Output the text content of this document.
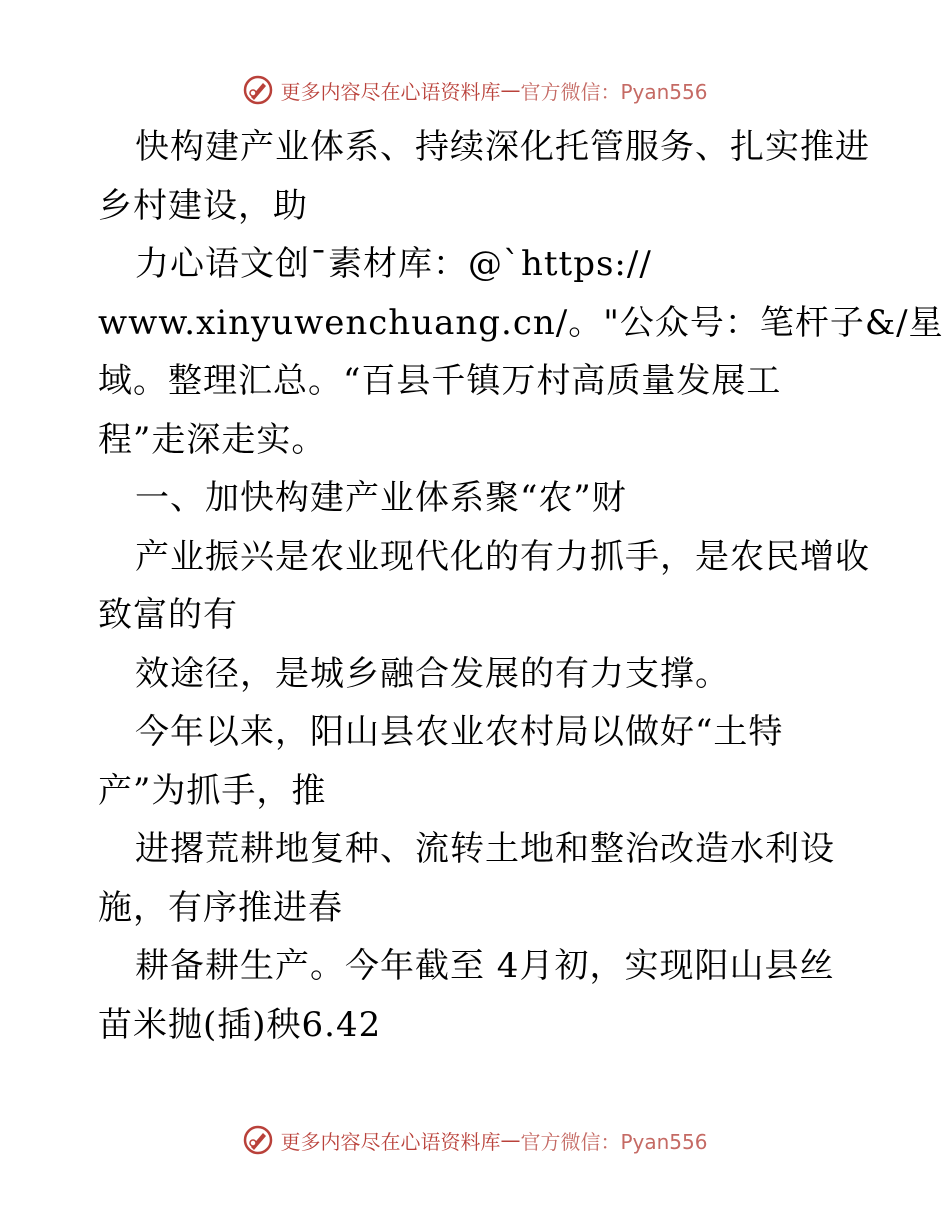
更多内容尽在心语资料库 — 官方微信：Pyan556
快构建产业体系、持续深化托管服务、扎实推进
乡村建设，助
力心语文创¯素材库：@`https://
www.xinyuwenchuang.cn/。"公众号：笔杆子&/星
域。整理汇总。“百县千镇万村高质量发展工
程”走深走实。
一、加快构建产业体系聚“农”财
产业振兴是农业现代化的有力抓手，是农民增收
致富的有
效途径，是城乡融合发展的有力支撑。
今年以来，阳山县农业农村局以做好“土特
产”为抓手，推
进撂荒耕地复种、流转土地和整治改造水利设
施，有序推进春
耕备耕生产。今年截至 4月初，实现阳山县丝
苗米抛(插)秧6.42
更多内容尽在心语资料库 — 官方微信：Pyan556
